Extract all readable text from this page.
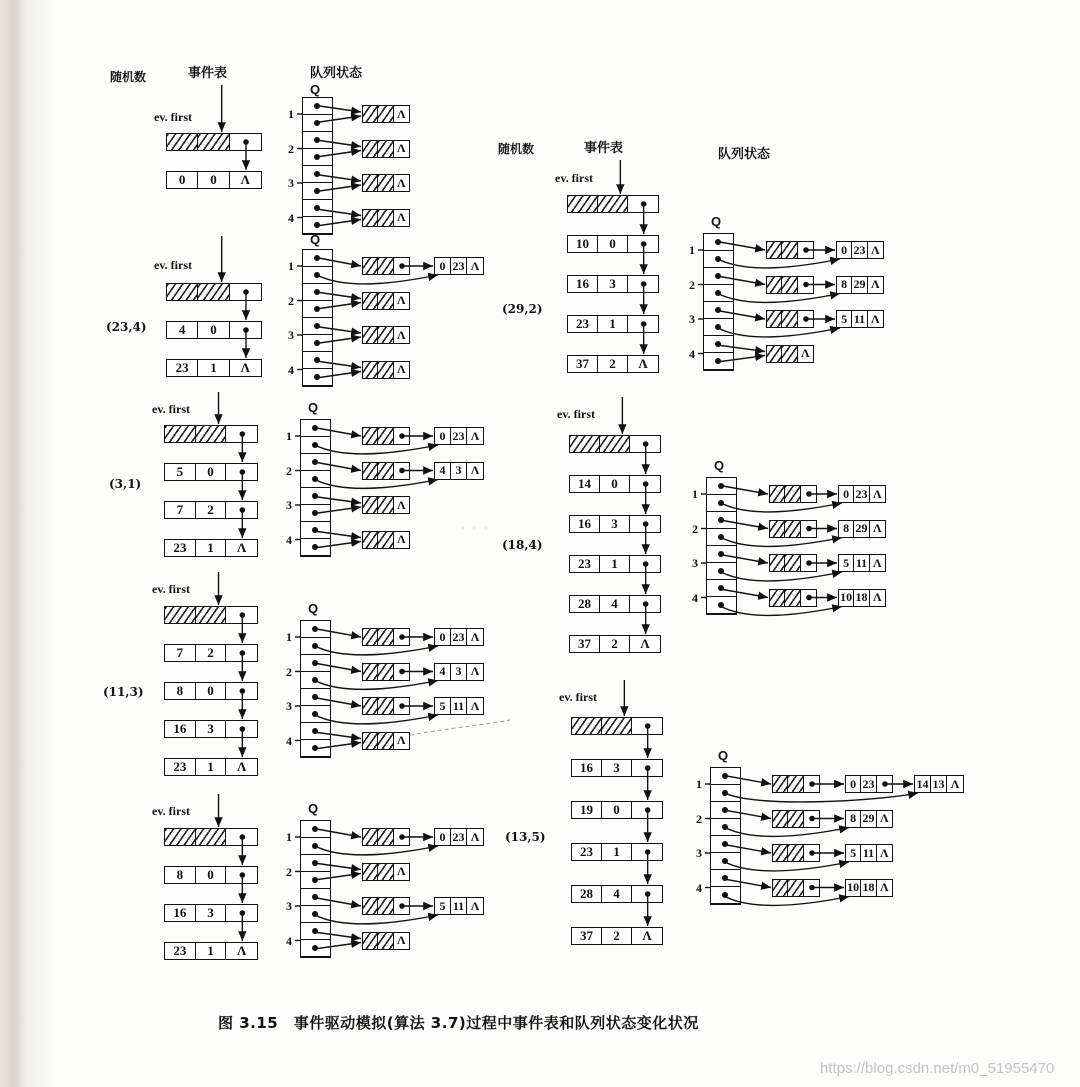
随机数	事件表	队列状态
随机数	事件表	队列状态
· · ·
ev. first
0	0	Λ
Q
1	Λ
2	Λ
3	Λ
4	Λ
(23,4)
ev. first
4	0
23	1	Λ
Q
1	0 23 Λ
2	Λ
3	Λ
4	Λ
(3,1)
ev. first
5	0
7	2
23	1	Λ
Q
1	0 23 Λ
2	4 3 Λ
3	Λ
4	Λ
(11,3)
ev. first
7	2
8	0
16	3
23	1	Λ
Q
1	0 23 Λ
2	4 3 Λ
3	5 11 Λ
4	Λ
ev. first
8	0
16	3
23	1	Λ
Q
1	0 23 Λ
2	Λ
3	5 11 Λ
4	Λ
(29,2)
ev. first
10	0
16	3
23	1
37	2	Λ
Q
1	0 23 Λ
2	8 29 Λ
3	5 11 Λ
4	Λ
(18,4)
ev. first
14	0
16	3
23	1
28	4
37	2	Λ
Q
1	0 23 Λ
2	8 29 Λ
3	5 11 Λ
4	10 18 Λ
(13,5)
ev. first
16	3
19	0
23	1
28	4
37	2	Λ
Q
1	0 23	14 13 Λ
2	8 29 Λ
3	5 11 Λ
4	10 18 Λ
图 3.15　事件驱动模拟(算法 3.7)过程中事件表和队列状态变化状况
https://blog.csdn.net/m0_51955470
